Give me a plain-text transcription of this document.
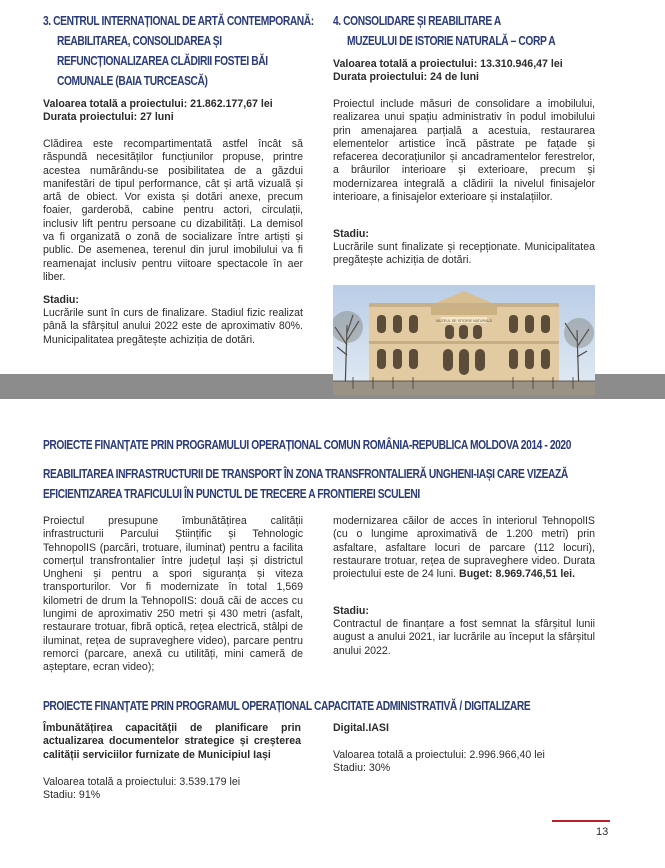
3. CENTRUL INTERNAȚIONAL DE ARTĂ CONTEMPORANĂ:
REABILITAREA, CONSOLIDAREA ȘI
REFUNCȚIONALIZAREA CLĂDIRII FOSTEI BĂI
COMUNALE (BAIA TURCEASCĂ)
Valoarea totală a proiectului: 21.862.177,67 lei
Durata proiectului: 27 luni
Clădirea este recompartimentată astfel încât să răspundă necesităților funcțiunilor propuse, printre acestea numărându-se posibilitatea de a găzdui manifestări de tipul performance, cât și artă vizuală și artă de obiect. Vor exista și dotări anexe, precum foaier, garderobă, cabine pentru actori, circulații, inclusiv lift pentru persoane cu dizabilități. La demisol va fi organizată o zonă de socializare între artiști și public. De asemenea, terenul din jurul imobilului va fi reamenajat inclusiv pentru viitoare spectacole în aer liber.
Stadiu:
Lucrările sunt în curs de finalizare. Stadiul fizic realizat până la sfârșitul anului 2022 este de aproximativ 80%. Municipalitatea pregătește achiziția de dotări.
4. CONSOLIDARE ȘI REABILITARE A
MUZEULUI DE ISTORIE NATURALĂ – CORP A
Valoarea totală a proiectului: 13.310.946,47 lei
Durata proiectului: 24 de luni
Proiectul include măsuri de consolidare a imobilului, realizarea unui spațiu administrativ în podul imobilului prin amenajarea parțială a acestuia, restaurarea elementelor artistice încă păstrate pe fațade și refacerea decorațiunilor și ancadramentelor ferestrelor, a brâurilor interioare și exterioare, precum și modernizarea integrală a clădirii la nivelul finisajelor interioare, a finisajelor exterioare și instalațiilor.
Stadiu:
Lucrările sunt finalizate și recepționate. Municipalitatea pregătește achiziția de dotări.
MUZEUL DE ISTORIE NATURALĂ
PROIECTE FINANȚATE PRIN PROGRAMULUI OPERAȚIONAL COMUN ROMÂNIA-REPUBLICA MOLDOVA 2014 - 2020
REABILITAREA INFRASTRUCTURII DE TRANSPORT ÎN ZONA TRANSFRONTALIERĂ UNGHENI-IAȘI CARE VIZEAZĂ
EFICIENTIZAREA TRAFICULUI ÎN PUNCTUL DE TRECERE A FRONTIEREI SCULENI
Proiectul presupune îmbunătățirea calității infrastructurii Parcului Științific și Tehnologic TehnopolIS (parcări, trotuare, iluminat) pentru a facilita comerțul transfrontalier între județul Iași și districtul Ungheni și pentru a spori siguranța și viteza transporturilor. Vor fi modernizate în total 1,569 kilometri de drum la TehnopolIS: două căi de acces cu lungimi de aproximativ 250 metri și 430 metri (asfalt, restaurare trotuar, fibră optică, rețea electrică, stâlpi de iluminat, rețea de supraveghere video), parcare pentru remorci (parcare, anexă cu utilități, mini cameră de așteptare, ecran video);
modernizarea căilor de acces în interiorul TehnopolIS (cu o lungime aproximativă de 1.200 metri) prin asfaltare, asfaltare locuri de parcare (112 locuri), restaurare trotuar, rețea de supraveghere video. Durata proiectului este de 24 luni. Buget: 8.969.746,51 lei.
Stadiu:
Contractul de finanțare a fost semnat la sfârșitul lunii august a anului 2021, iar lucrările au început la sfârșitul anului 2022.
PROIECTE FINANȚATE PRIN PROGRAMUL OPERAȚIONAL CAPACITATE ADMINISTRATIVĂ / DIGITALIZARE
Îmbunătățirea capacității de planificare prin actualizarea documentelor strategice și creșterea calității serviciilor furnizate de Municipiul Iași
Valoarea totală a proiectului: 3.539.179 lei
Stadiu: 91%
Digital.IASI
Valoarea totală a proiectului: 2.996.966,40 lei
Stadiu: 30%
13
